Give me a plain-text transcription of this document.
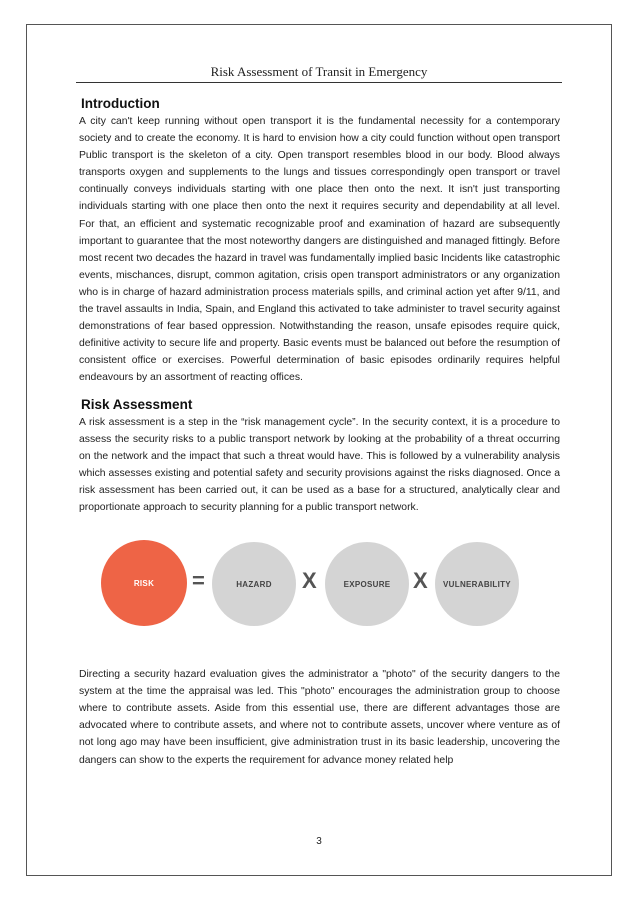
Risk Assessment of Transit in Emergency
Introduction

A city can't keep running without open transport it is the fundamental necessity for a contemporary society and to create the economy. It is hard to envision how a city could function without open transport Public transport is the skeleton of a city. Open transport resembles blood in our body. Blood always transports oxygen and supplements to the lungs and tissues correspondingly open transport or travel continually conveys individuals starting with one place then onto the next. It isn't just transporting individuals starting with one place then onto the next it requires security and dependability at all level. For that, an efficient and systematic recognizable proof and examination of hazard are subsequently important to guarantee that the most noteworthy dangers are distinguished and managed fittingly. Before most recent two decades the hazard in travel was fundamentally implied basic Incidents like catastrophic events, mischances, disrupt, common agitation, crisis open transport administrators or any organization who is in charge of hazard administration process materials spills, and criminal action yet after 9/11, and the travel assaults in India, Spain, and England this activated to take administer to travel security against demonstrations of fear based oppression. Notwithstanding the reason, unsafe episodes require quick, definitive activity to secure life and property. Basic events must be balanced out before the resumption of consistent office or exercises. Powerful determination of basic episodes ordinarily requires helpful endeavours by an assortment of reacting offices.

Risk Assessment

A risk assessment is a step in the “risk management cycle”. In the security context, it is a procedure to assess the security risks to a public transport network by looking at the probability of a threat occurring on the network and the impact that such a threat would have. This is followed by a vulnerability analysis which assesses existing and potential safety and security provisions against the risks diagnosed. Once a risk assessment has been carried out, it can be used as a base for a structured, analytically clear and proportionate approach to security planning for a public transport network.

RISK	=	HAZARD	X	EXPOSURE	X	VULNERABILITY

Directing a security hazard evaluation gives the administrator a "photo" of the security dangers to the system at the time the appraisal was led. This "photo" encourages the administration group to choose where to contribute assets. Aside from this essential use, there are different advantages those are advocated where to contribute assets, and where not to contribute assets, uncover where venture as of not long ago may have been insufficient, give administration trust in its basic leadership, uncovering the dangers can show to the experts the requirement for advance money related help

3
